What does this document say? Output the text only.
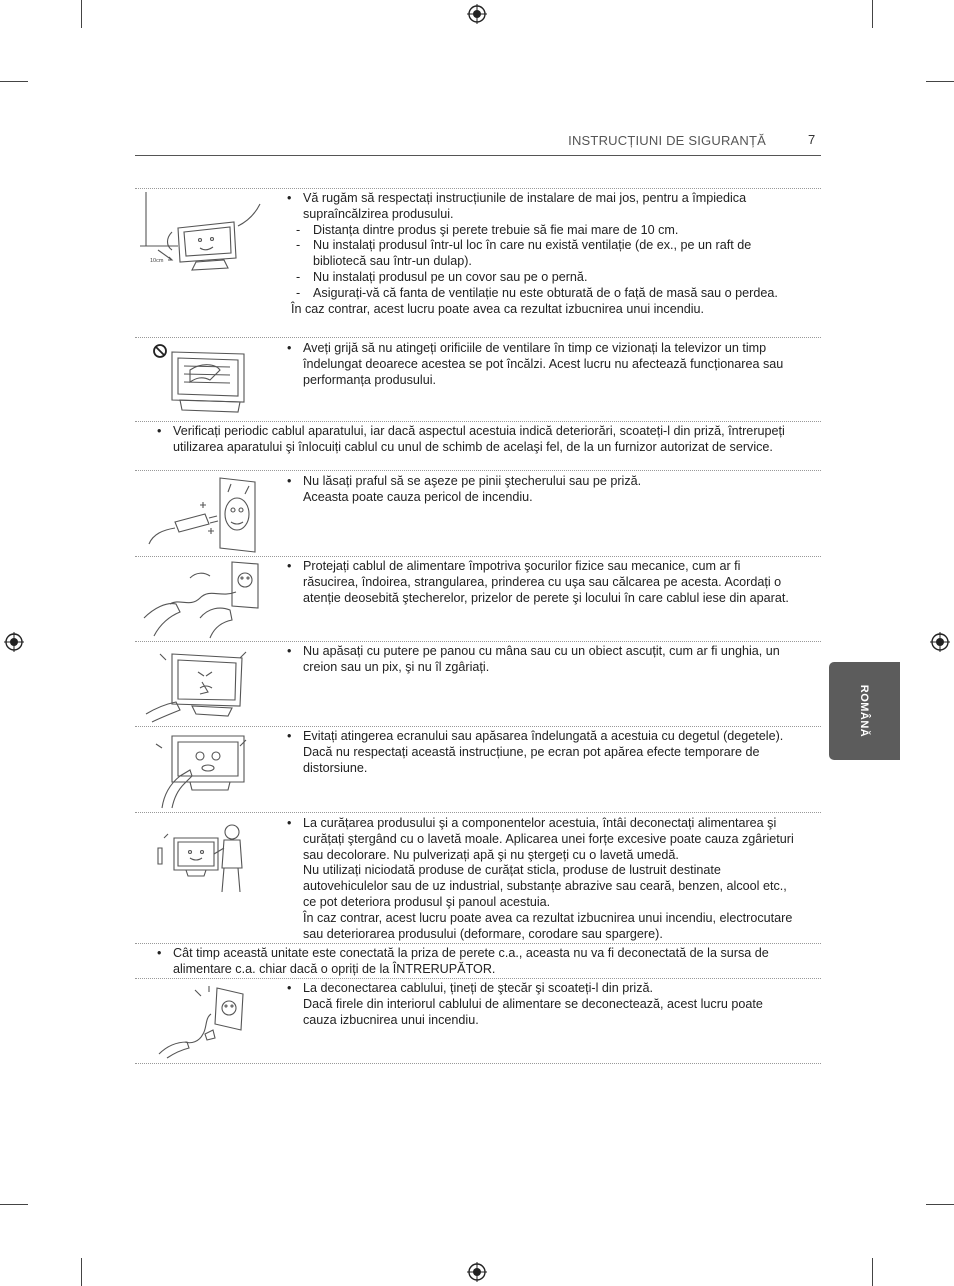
INSTRUCȚIUNI DE SIGURANȚĂ	7
ROMÂNĂ
10cm

• Vă rugăm să respectați instrucțiunile de instalare de mai jos, pentru a împiedica supraîncălzirea produsului.

- Distanța dintre produs şi perete trebuie să fie mai mare de 10 cm.

- Nu instalați produsul într-ul loc în care nu există ventilație (de ex., pe un raft de bibliotecă sau într-un dulap).

- Nu instalați produsul pe un covor sau pe o pernă.

- Asigurați-vă că fanta de ventilație nu este obturată de o față de masă sau o perdea.

În caz contrar, acest lucru poate avea ca rezultat izbucnirea unui incendiu.

• Aveți grijă să nu atingeți orificiile de ventilare în timp ce vizionați la televizor un timp îndelungat deoarece acestea se pot încălzi. Acest lucru nu afectează funcționarea sau performanța produsului.

• Verificați periodic cablul aparatului, iar dacă aspectul acestuia indică deteriorări, scoateți-l din priză, întrerupeți utilizarea aparatului şi înlocuiți cablul cu unul de schimb de acelaşi fel, de la un furnizor autorizat de service.

• Nu lăsați praful să se aşeze pe pinii ştecherului sau pe priză.

Aceasta poate cauza pericol de incendiu.

• Protejați cablul de alimentare împotriva şocurilor fizice sau mecanice, cum ar fi răsucirea, îndoirea, strangularea, prinderea cu uşa sau călcarea pe acesta. Acordați o atenție deosebită ştecherelor, prizelor de perete şi locului în care cablul iese din aparat.

• Nu apăsați cu putere pe panou cu mâna sau cu un obiect ascuțit, cum ar fi unghia, un creion sau un pix, şi nu îl zgâriați.

• Evitați atingerea ecranului sau apăsarea îndelungată a acestuia cu degetul (degetele). Dacă nu respectați această instrucțiune, pe ecran pot apărea efecte temporare de distorsiune.

• La curățarea produsului şi a componentelor acestuia, întâi deconectați alimentarea şi curățați ştergând cu o lavetă moale. Aplicarea unei forțe excesive poate cauza zgârieturi sau decolorare. Nu pulverizați apă şi nu ştergeți cu o lavetă umedă.

Nu utilizați niciodată produse de curățat sticla, produse de lustruit destinate autovehiculelor sau de uz industrial, substanțe abrazive sau ceară, benzen, alcool etc., ce pot deteriora produsul şi panoul acestuia.

În caz contrar, acest lucru poate avea ca rezultat izbucnirea unui incendiu, electrocutare sau deteriorarea produsului (deformare, corodare sau spargere).

• Cât timp această unitate este conectată la priza de perete c.a., aceasta nu va fi deconectată de la sursa de alimentare c.a. chiar dacă o opriți de la ÎNTRERUPĂTOR.

• La deconectarea cablului, țineți de ştecăr şi scoateți-l din priză.

Dacă firele din interiorul cablului de alimentare se deconectează, acest lucru poate cauza izbucnirea unui incendiu.
